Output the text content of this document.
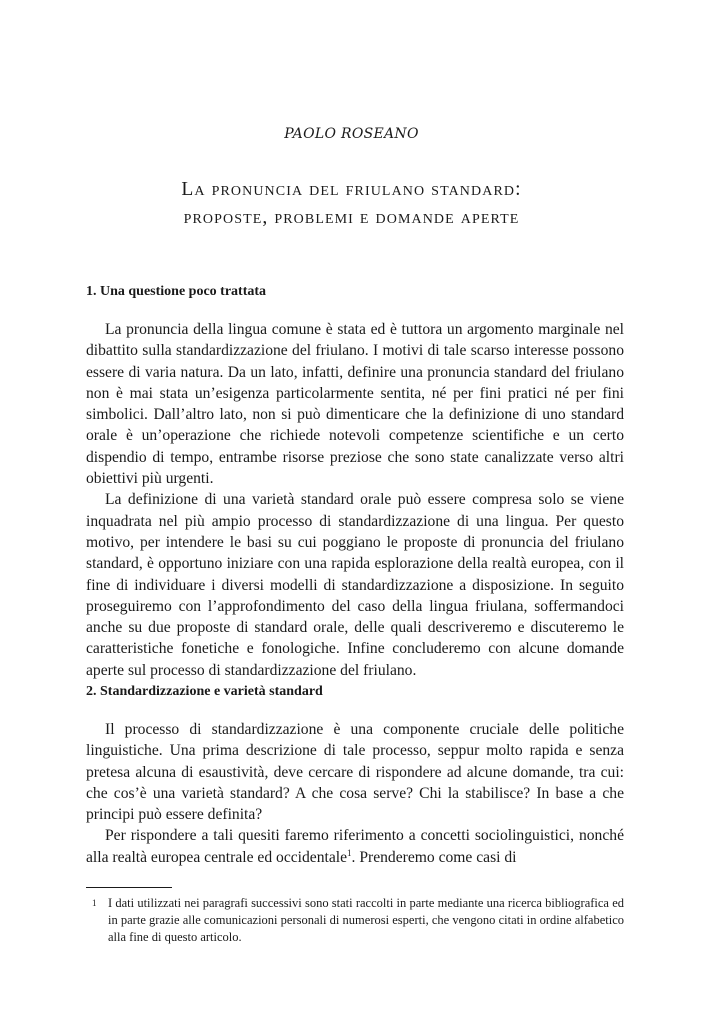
PAOLO ROSEANO
La pronuncia del friulano standard:
proposte, problemi e domande aperte
1. Una questione poco trattata

La pronuncia della lingua comune è stata ed è tuttora un argomento marginale nel dibattito sulla standardizzazione del friulano. I motivi di tale scarso interesse possono essere di varia natura. Da un lato, infatti, definire una pronuncia standard del friulano non è mai stata un’esigenza particolarmente sentita, né per fini pratici né per fini simbolici. Dall’altro lato, non si può dimenticare che la definizione di uno standard orale è un’operazione che richiede notevoli competenze scientifiche e un certo dispendio di tempo, entrambe risorse preziose che sono state canalizzate verso altri obiettivi più urgenti.

La definizione di una varietà standard orale può essere compresa solo se viene inquadrata nel più ampio processo di standardizzazione di una lingua. Per questo motivo, per intendere le basi su cui poggiano le proposte di pronuncia del friulano standard, è opportuno iniziare con una rapida esplorazione della realtà europea, con il fine di individuare i diversi modelli di standardizzazione a disposizione. In seguito proseguiremo con l’approfondimento del caso della lingua friulana, soffermandoci anche su due proposte di standard orale, delle quali descriveremo e discuteremo le caratteristiche fonetiche e fonologiche. Infine concluderemo con alcune domande aperte sul processo di standardizzazione del friulano.

2. Standardizzazione e varietà standard

Il processo di standardizzazione è una componente cruciale delle politiche linguistiche. Una prima descrizione di tale processo, seppur molto rapida e senza pretesa alcuna di esaustività, deve cercare di rispondere ad alcune domande, tra cui: che cos’è una varietà standard? A che cosa serve? Chi la stabilisce? In base a che principi può essere definita?

Per rispondere a tali quesiti faremo riferimento a concetti sociolinguistici, nonché alla realtà europea centrale ed occidentale$^1$. Prenderemo come casi di

1 I dati utilizzati nei paragrafi successivi sono stati raccolti in parte mediante una ricerca bibliografica ed in parte grazie alle comunicazioni personali di numerosi esperti, che vengono citati in ordine alfabetico alla fine di questo articolo.
